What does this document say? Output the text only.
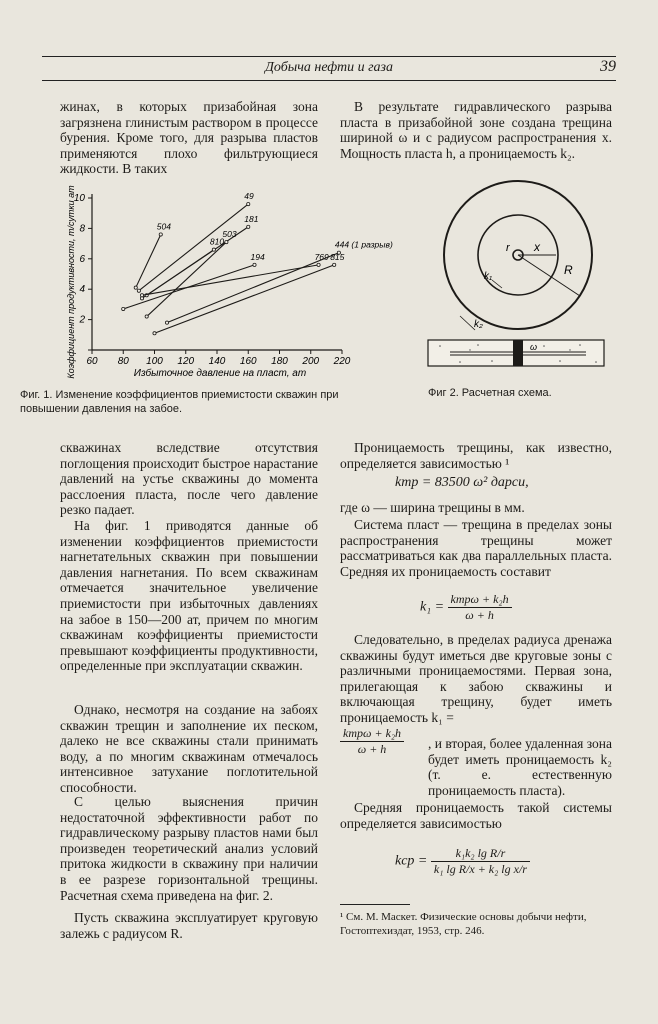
Добыча нефти и газа	39
жинах, в которых призабойная зона загрязнена глинистым раствором в процессе бурения. Кроме того, для разрыва пластов применяются плохо фильтрующиеся жидкости. В таких
504
49
181
503
810
194	769
444 (1 разрыв)
815
60 80 100 120 140 160 180 200 220
2
4
6
8
10
Избыточное давление на пласт, ат
Коэффициент продуктивности, т/сутки ат
Фиг. 1. Изменение коэффициентов приемистости скважин при повышении давления на забое.
скважинах вследствие отсутствия поглощения происходит быстрое нарастание давлений на устье скважины до момента расслоения пласта, после чего давление резко падает.
На фиг. 1 приводятся данные об изменении коэффициентов приемистости нагнетательных скважин при повышении давления нагнетания. По всем скважинам отмечается значительное увеличение приемистости при избыточных давлениях на забое в 150—200 ат, причем по многим скважинам коэффициенты приемистости превышают коэффициенты продуктивности, определенные при эксплуатации скважин.
Однако, несмотря на создание на забоях скважин трещин и заполнение их песком, далеко не все скважины стали принимать воду, а по многим скважинам отмечалось интенсивное затухание поглотительной способности.
С целью выяснения причин недостаточной эффективности работ по гидравлическому разрыву пластов нами был произведен теоретический анализ условий притока жидкости в скважину при наличии в ее разрезе горизонтальной трещины. Расчетная схема приведена на фиг. 2.
Пусть скважина эксплуатирует круговую залежь с радиусом R.
В результате гидравлического разрыва пласта в призабойной зоне создана трещина шириной ω и с радиусом распространения x. Мощность пласта h, а проницаемость k₂.
r x
R
k₁
k₂
ω
Фиг 2. Расчетная схема.
Проницаемость трещины, как известно, определяется зависимостью ¹
kтр = 83500 ω² дарси,
где ω — ширина трещины в мм.
Система пласт — трещина в пределах зоны распространения трещины может рассматриваться как два параллельных пласта. Средняя их проницаемость составит
$k_1 = \frac{\text{kтрω + k₂h}}{\omega + h}$
Следовательно, в пределах радиуса дренажа скважины будут иметься две круговые зоны с различными проницаемостями. Первая зона, прилегающая к забою скважины и включающая трещину, будет иметь проницаемость k₁ =
$\frac{\text{kтрω + k₂h}}{\omega + h}$ , и вторая, более удаленная зона будет иметь проницаемость k₂ (т. е. естественную проницаемость пласта).
Средняя проницаемость такой системы определяется зависимостью
kср = $\frac{\text{k₁k₂ lg R/r}}{\text{k₁ lg R/x + k₂ lg x/r}}$
¹ См. М. Маскет. Физические основы добычи нефти, Гостоптехиздат, 1953, стр. 246.
